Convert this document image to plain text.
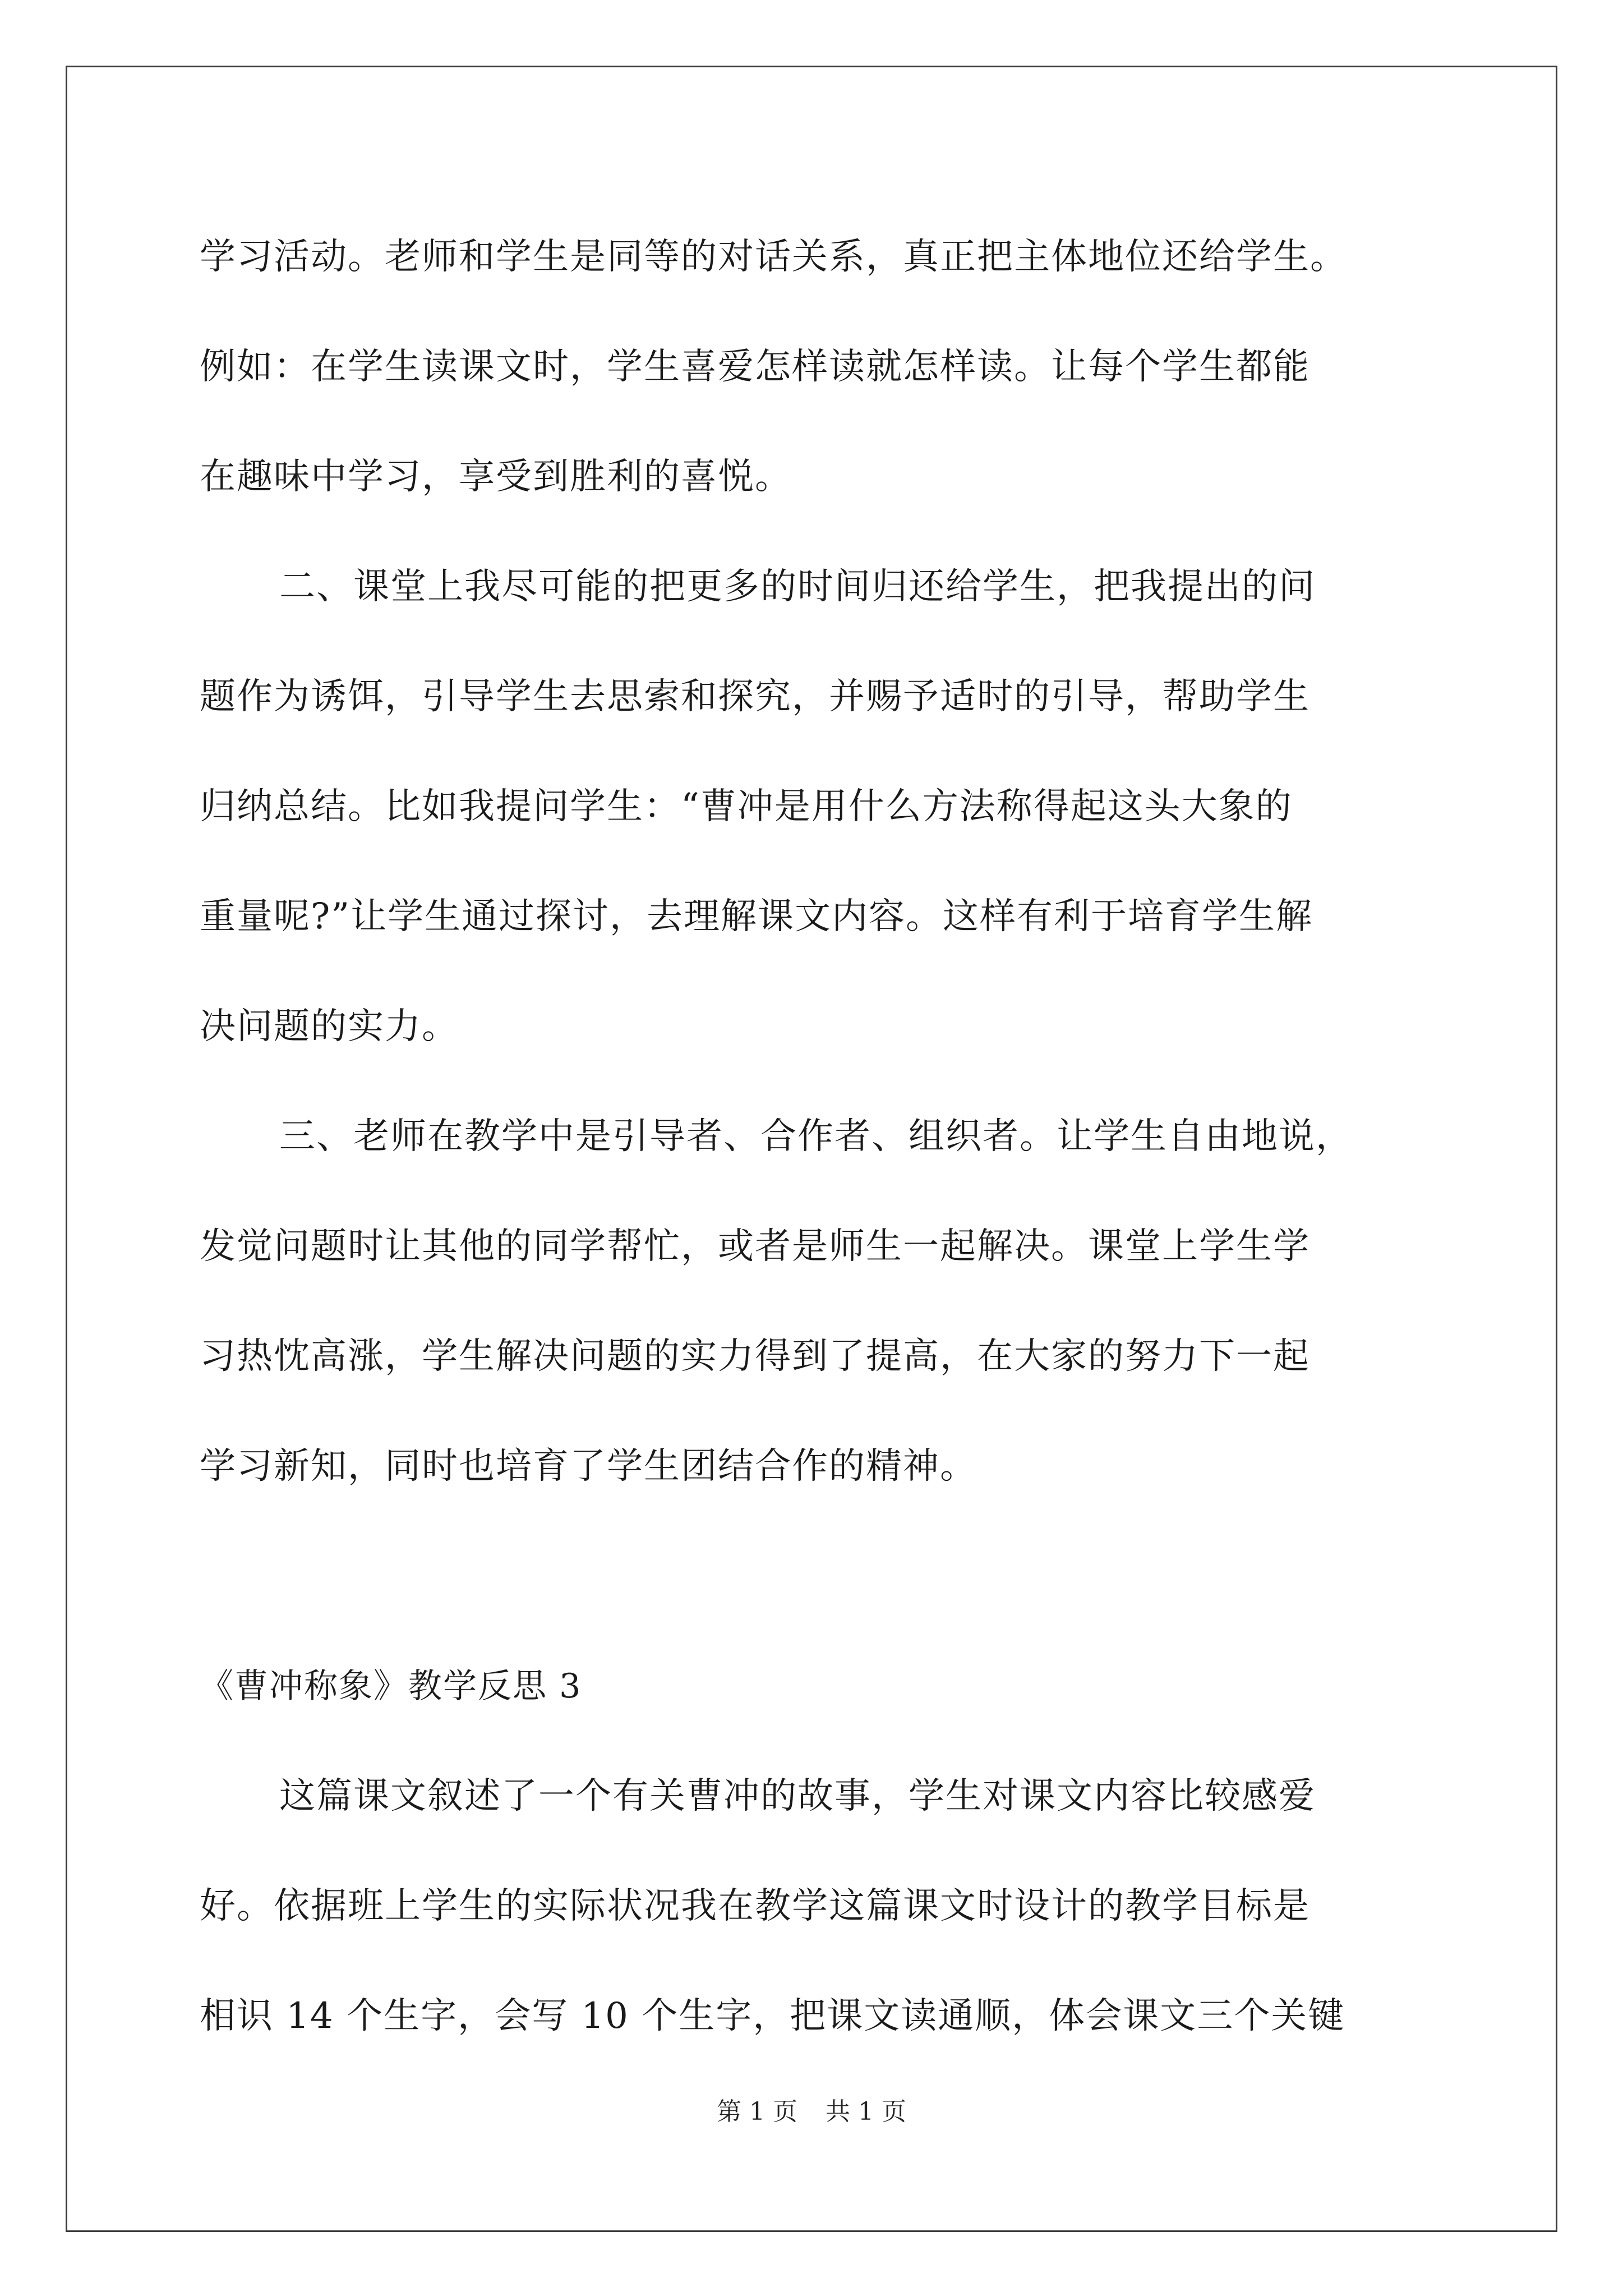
学习活动。老师和学生是同等的对话关系，真正把主体地位还给学生。
例如：在学生读课文时，学生喜爱怎样读就怎样读。让每个学生都能
在趣味中学习，享受到胜利的喜悦。
二、课堂上我尽可能的把更多的时间归还给学生，把我提出的问
题作为诱饵，引导学生去思索和探究，并赐予适时的引导，帮助学生
归纳总结。比如我提问学生：“曹冲是用什么方法称得起这头大象的
重量呢?”让学生通过探讨，去理解课文内容。这样有利于培育学生解
决问题的实力。
三、老师在教学中是引导者、合作者、组织者。让学生自由地说，
发觉问题时让其他的同学帮忙，或者是师生一起解决。课堂上学生学
习热忱高涨，学生解决问题的实力得到了提高，在大家的努力下一起
学习新知，同时也培育了学生团结合作的精神。
《曹冲称象》教学反思 3
这篇课文叙述了一个有关曹冲的故事，学生对课文内容比较感爱
好。依据班上学生的实际状况我在教学这篇课文时设计的教学目标是
相识 14 个生字，会写 10 个生字，把课文读通顺，体会课文三个关键
第 1 页 共 1 页
